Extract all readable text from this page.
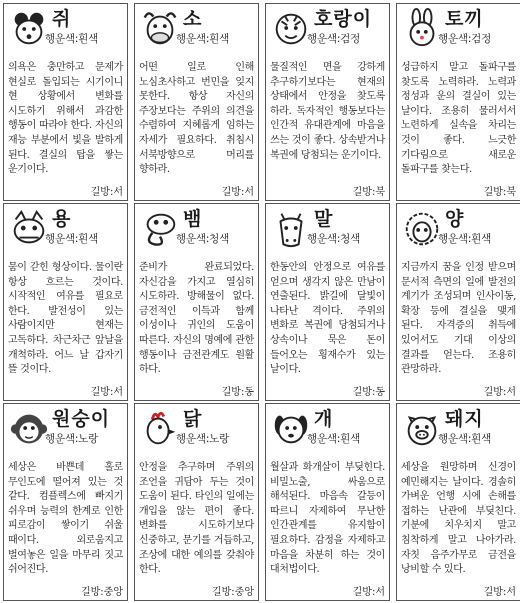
쥐
행운색:흰색
의욕은 충만하고 문제가 현실로 돌입되는 시기이니 현 상황에서 변화를 시도하기 위해서 과감한 행동이 따라야 한다. 자신의 재능 부분에서 빛을 발하게 된다. 결실의 탑을 쌓는 운기이다.
길방:서
소
행운색:흰색
어떤 일로 인해 노심초사하고 번민을 잊지 못한다. 항상 자신의 주장보다는 주위의 의견을 수렴하여 지혜롭게 임하는 자세가 필요하다. 취침시 서북방향으로 머리를 향하라.
길방:서
호랑이
행운색:검정
물질적인 면을 강하게 추구하기보다는 현재의 상태에서 안정을 찾도록 하라. 독자적인 행동보다는 인간적 유대관계에 마음을 쓰는 것이 좋다. 상속받거나 복권에 당첨되는 운기이다.
길방:북
토끼
행운색:검정
성급하지 말고 돌파구를 찾도록 노력하라. 노력과 정성과 운의 결실이 있는 날이다. 조용히 물러서서 노련하게 실속을 차리는 것이 좋다. 느긋한 기다림으로 새로운 돌파구를 찾는다.
길방:북
용
행운색:흰색
뭄이 갇힌 형상이다. 물이란 항상 흐르는 것이다. 시작적인 여유를 필요로 한다. 발전성이 있는 사람이지만 현재는 고독하다. 차근차근 앞날을 개척하라. 어느 날 갑자기 뜰 것이다.
길방:서
뱀
행운색:청색
준비가 완료되었다. 자신감을 가지고 열심히 시도하라. 방해물이 없다. 금전적인 이득과 함께 이성이나 귀인의 도움이 따른다. 자신의 명예에 관한 행동이나 금전관계도 원활 하다.
길방:동
말
행운색:청색
한동안의 안정으로 여유를 얻으며 생각지 않은 만남이 연출된다. 밝길에 달빛이 나타난 격이다. 주위의 변화로 복권에 당첨되거나 상속이나 묵은 돈이 들어오는 횡재수가 있는 날이다.
길방:동
양
행운색:흰색
지금까지 꿈을 인정 받으며 문서적 측면의 일에 발전의 계기가 조성되며 인사이동, 확장 등에 결실을 맺게 된다. 자격증의 취득에 있어서도 기대 이상의 결과를 얻는다. 조용히 관망하라.
길방:서
원숭이
행운색:노랑
세상은 바쁜데 홀로 무인도에 떨어져 있는 것 같다. 컴플렉스에 빠지기 쉬우며 능력의 한계로 인한 피로감이 쌓이기 쉬울 때이다. 외로움지고 벌여놓은 일을 마무리 짓고 쉬어진다.
길방:중앙
닭
행운색:노랑
안정을 추구하며 주위의 조언을 귀담아 두는 것이 도움이 된다. 타인의 일에는 개입을 않는 편이 좋다. 변화를 시도하기보다 신중하고, 문기를 거듭하고, 조상에 대한 예의를 갖춰야 한다.
길방:중앙
개
행운색:흰색
월살과 화개살이 부딪힌다. 비밀노출, 싸움으로 해석된다. 마음속 갈등이 따르니 자제하여 무난한 인간관계를 유지함이 필요하다. 감정을 자제하고 마음을 차분히 하는 것이 대처법이다.
길방:서
돼지
행운색:흰색
세상을 원망하며 신경이 예민해지는 날이다. 경솔히 가벼운 언행 시에 손해를 접하는 난관에 부딪친다. 기분에 치우치지 말고 침착하게 말고 나아가라. 자칫 음주가무로 금전을 낭비할 수 있다.
길방:서
